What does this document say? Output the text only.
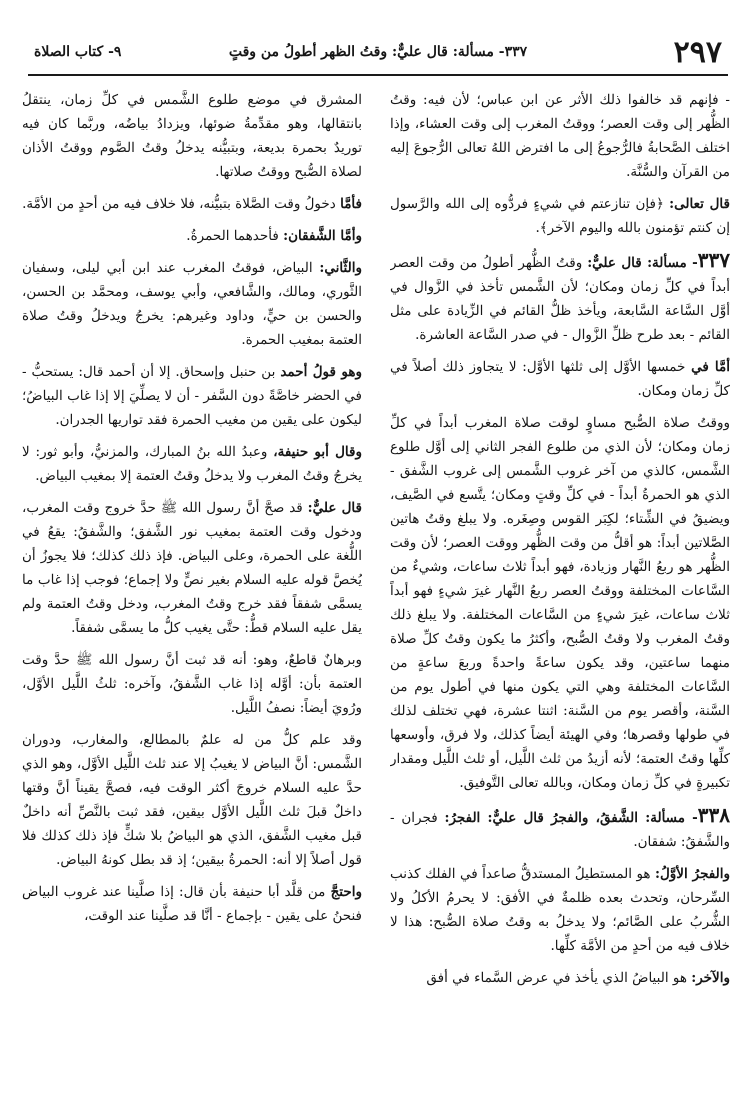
٢٩٧
٣٣٧- مسألة: قال عليٌّ: وقتُ الظهر أطولُ من وقتٍ
٩- كتاب الصلاة

- فإنهم قد خالفوا ذلك الأثر عن ابن عباس؛ لأن فيه: وقتُ الظُّهر إلى وقت العصر؛ ووقتُ المغرب إلى وقت العشاء، وإذا اختلف الصَّحابةُ فالرُّجوعُ إلى ما افترض اللهُ تعالى الرُّجوعَ إليه من القرآن والسُّنَّة.

قال تعالى: ﴿فإن تنازعتم في شيءٍ فردُّوه إلى الله والرَّسول إن كنتم تؤمنون بالله واليوم الآخر﴾.

٣٣٧- مسألة: قال عليٌّ: وقتُ الظُّهر أطولُ من وقت العصر أبداً في كلِّ زمان ومكان؛ لأن الشَّمس تأخذ في الزَّوال في أوَّل السَّاعة السَّابعة، ويأخذ ظلُّ القائم في الزِّيادة على مثل القائم - بعد طرح ظلِّ الزَّوال - في صدر السَّاعة العاشرة.

أمَّا في خمسها الأوَّل إلى ثلثها الأوَّل: لا يتجاوز ذلك أصلاً في كلِّ زمان ومكان.

ووقتُ صلاة الصُّبح مساوٍ لوقت صلاة المغرب أبداً في كلِّ زمان ومكان؛ لأن الذي من طلوع الفجر الثاني إلى أوَّل طلوع الشَّمس، كالذي من آخر غروب الشَّمس إلى غروب الشَّفق - الذي هو الحمرةُ أبداً - في كلِّ وقتٍ ومكان؛ يتَّسع في الصَّيف، ويضيقُ في الشِّتاء؛ لكِبَر القوس وصِغَره. ولا يبلغ وقتُ هاتين الصَّلاتين أبداً: هو أقلُّ من وقت الظُّهر ووقت العصر؛ لأن وقت الظُّهر هو ربعُ النَّهار وزيادة، فهو أبداً ثلاث ساعات، وشيءٌ من السَّاعات المختلفة ووقتُ العصر ربعُ النَّهار غيرَ شيءٍ فهو أبداً ثلاث ساعات، غيرَ شيءٍ من السَّاعات المختلفة. ولا يبلغ ذلك وقتُ المغرب ولا وقتُ الصُّبح، وأكثرُ ما يكون وقتُ كلِّ صلاة منهما ساعتين، وقد يكون ساعةً واحدةً وربعَ ساعةٍ من السَّاعات المختلفة وهي التي يكون منها في أطول يوم من السَّنة، وأقصر يوم من السَّنة: اثنتا عشرة، فهي تختلف لذلك في طولها وقصرها؛ وفي الهيئة أيضاً كذلك، ولا فرق، وأوسعها كلِّها وقتُ العتمة؛ لأنه أزيدُ من ثلث اللَّيل، أو ثلث اللَّيل ومقدار تكبيرةٍ في كلِّ زمان ومكان، وبالله تعالى التَّوفيق.

٣٣٨- مسألة: الشَّفقُ، والفجرُ قال عليٌّ: الفجرُ: فجران - والشَّفقُ: شفقان.

والفجرُ الأوَّلُ: هو المستطيلُ المستدقُّ صاعداً في الفلك كذنب السِّرحان، وتحدث بعده ظلمةٌ في الأفق: لا يحرمُ الأكلُ ولا الشُّربُ على الصَّائم؛ ولا يدخلُ به وقتُ صلاة الصُّبح: هذا لا خلاف فيه من أحدٍ من الأمَّة كلِّها.

والآخر: هو البياضُ الذي يأخذ في عرض السَّماء في أفق

المشرق في موضع طلوع الشَّمس في كلِّ زمان، ينتقلُ بانتقالها، وهو مقدِّمةُ ضوئها، ويزدادُ بياضُه، وربَّما كان فيه توريدٌ بحمرة بديعة، وبتبيُّنه يدخلُ وقتُ الصَّوم ووقتُ الأذان لصلاة الصُّبح ووقتُ صلاتها.

فأمَّا دخولُ وقت الصَّلاة بتبيُّنه، فلا خلاف فيه من أحدٍ من الأمَّة.

وأمَّا الشَّفقان: فأحدهما الحمرةُ.

والثَّاني: البياض، فوقتُ المغرب عند ابن أبي ليلى، وسفيان الثَّوري، ومالك، والشَّافعي، وأبي يوسف، ومحمَّد بن الحسن، والحسن بن حيٍّ، وداود وغيرهم: يخرجُ ويدخلُ وقتُ صلاة العتمة بمغيب الحمرة.

وهو قولُ أحمد بن حنبل وإسحاق. إلا أن أحمد قال: يستحبُّ - في الحضر خاصَّةً دون السَّفر - أن لا يصلِّيَ إلا إذا غاب البياضُ؛ ليكون على يقين من مغيب الحمرة فقد تواريها الجدران.

وقال أبو حنيفة، وعبدُ الله بنُ المبارك، والمزنيُّ، وأبو ثور: لا يخرجُ وقتُ المغرب ولا يدخلُ وقتُ العتمة إلا بمغيب البياض.

قال عليٌّ: قد صحَّ أنَّ رسول الله ﷺ حدَّ خروج وقت المغرب، ودخول وقت العتمة بمغيب نور الشَّفق؛ والشَّفقُ: يقعُ في اللُّغة على الحمرة، وعلى البياض. فإذ ذلك كذلك؛ فلا يجوزُ أن يُخصَّ قوله عليه السلام بغير نصٍّ ولا إجماع؛ فوجب إذا غاب ما يسمَّى شفقاً فقد خرج وقتُ المغرب، ودخل وقتُ العتمة ولم يقل عليه السلام قطُّ: حتَّى يغيب كلُّ ما يسمَّى شفقاً.

وبرهانٌ قاطعٌ، وهو: أنه قد ثبت أنَّ رسول الله ﷺ حدَّ وقت العتمة بأن: أوَّله إذا غاب الشَّفقُ، وآخره: ثلثُ اللَّيل الأوَّل، ورُويَ أيضاً: نصفُ اللَّيل.

وقد علم كلُّ من له علمٌ بالمطالع، والمغارب، ودوران الشَّمس: أنَّ البياض لا يغيبُ إلا عند ثلث اللَّيل الأوَّل، وهو الذي حدَّ عليه السلام خروجَ أكثر الوقت فيه، فصحَّ يقيناً أنَّ وقتها داخلٌ قبلَ ثلث اللَّيل الأوَّل بيقين، فقد ثبت بالنَّصِّ أنه داخلٌ قبل مغيب الشَّفق، الذي هو البياضُ بلا شكٍّ فإذ ذلك كذلك فلا قول أصلاً إلا أنه: الحمرةُ بيقين؛ إذ قد بطل كونهُ البياض.

واحتجَّ من قلَّد أبا حنيفة بأن قال: إذا صلَّينا عند غروب البياض فنحنُ على يقين - بإجماع - أنَّا قد صلَّينا عند الوقت،
